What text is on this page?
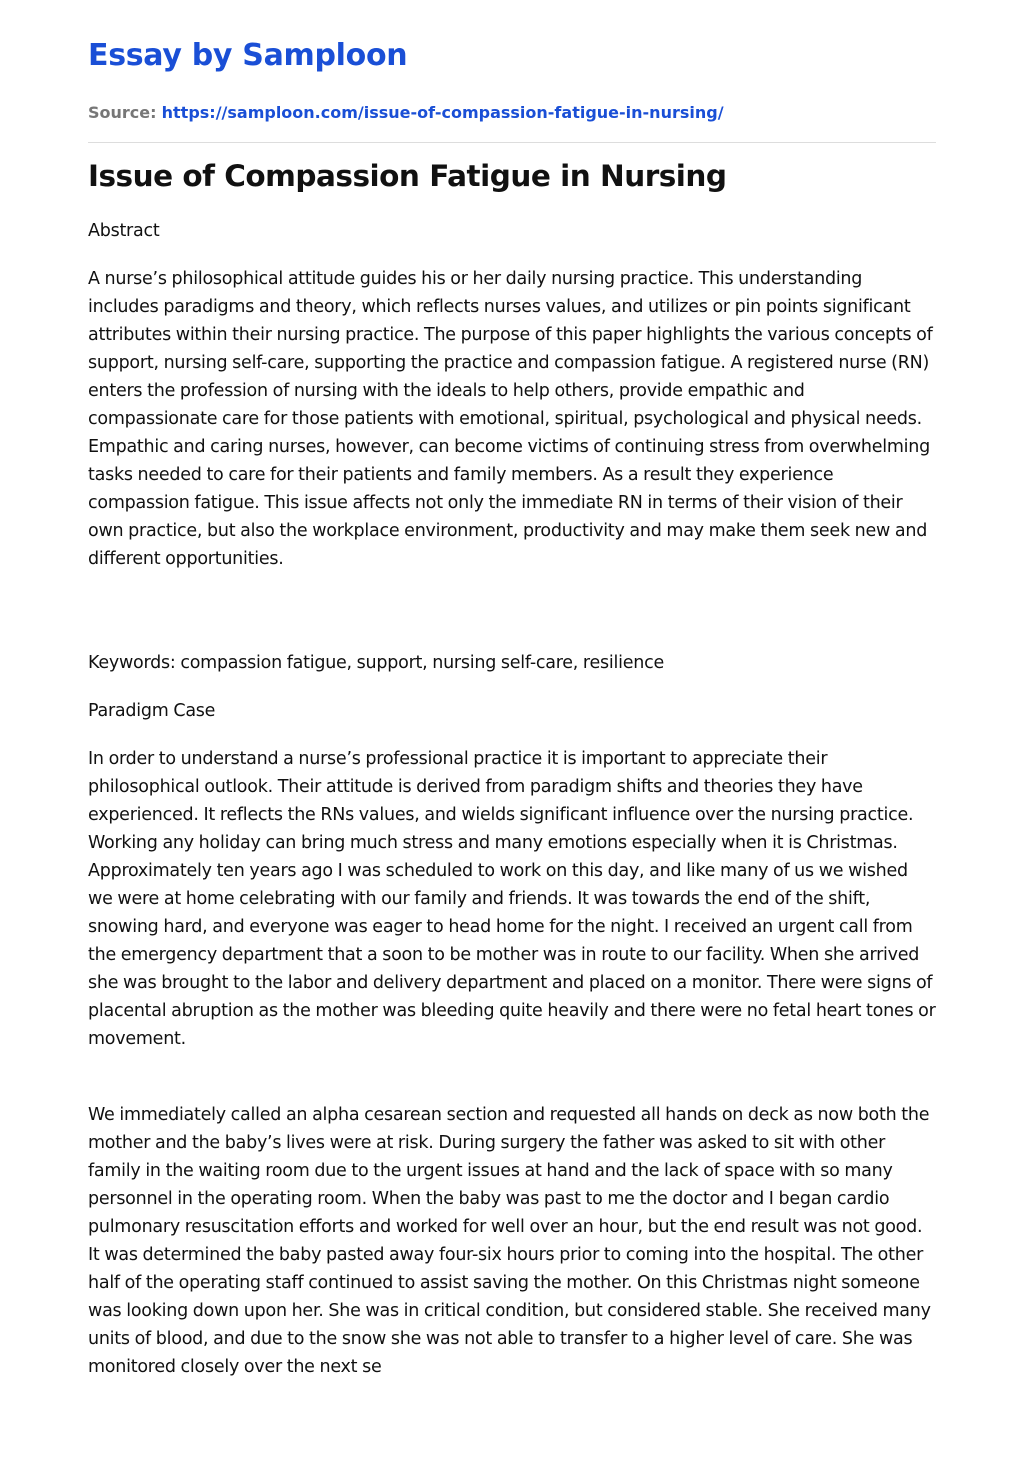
Essay by Samploon
Source: https://samploon.com/issue-of-compassion-fatigue-in-nursing/
Issue of Compassion Fatigue in Nursing

Abstract

A nurse’s philosophical attitude guides his or her daily nursing practice. This understanding includes paradigms and theory, which reflects nurses values, and utilizes or pin points significant attributes within their nursing practice. The purpose of this paper highlights the various concepts of support, nursing self-care, supporting the practice and compassion fatigue. A registered nurse (RN) enters the profession of nursing with the ideals to help others, provide empathic and compassionate care for those patients with emotional, spiritual, psychological and physical needs. Empathic and caring nurses, however, can become victims of continuing stress from overwhelming tasks needed to care for their patients and family members. As a result they experience compassion fatigue. This issue affects not only the immediate RN in terms of their vision of their own practice, but also the workplace environment, productivity and may make them seek new and different opportunities.

Keywords: compassion fatigue, support, nursing self-care, resilience

Paradigm Case

In order to understand a nurse’s professional practice it is important to appreciate their philosophical outlook. Their attitude is derived from paradigm shifts and theories they have experienced. It reflects the RNs values, and wields significant influence over the nursing practice. Working any holiday can bring much stress and many emotions especially when it is Christmas. Approximately ten years ago I was scheduled to work on this day, and like many of us we wished we were at home celebrating with our family and friends. It was towards the end of the shift, snowing hard, and everyone was eager to head home for the night. I received an urgent call from the emergency department that a soon to be mother was in route to our facility. When she arrived she was brought to the labor and delivery department and placed on a monitor. There were signs of placental abruption as the mother was bleeding quite heavily and there were no fetal heart tones or movement.

We immediately called an alpha cesarean section and requested all hands on deck as now both the mother and the baby’s lives were at risk. During surgery the father was asked to sit with other family in the waiting room due to the urgent issues at hand and the lack of space with so many personnel in the operating room. When the baby was past to me the doctor and I began cardio pulmonary resuscitation efforts and worked for well over an hour, but the end result was not good. It was determined the baby pasted away four-six hours prior to coming into the hospital. The other half of the operating staff continued to assist saving the mother. On this Christmas night someone was looking down upon her. She was in critical condition, but considered stable. She received many units of blood, and due to the snow she was not able to transfer to a higher level of care. She was monitored closely over the next se
